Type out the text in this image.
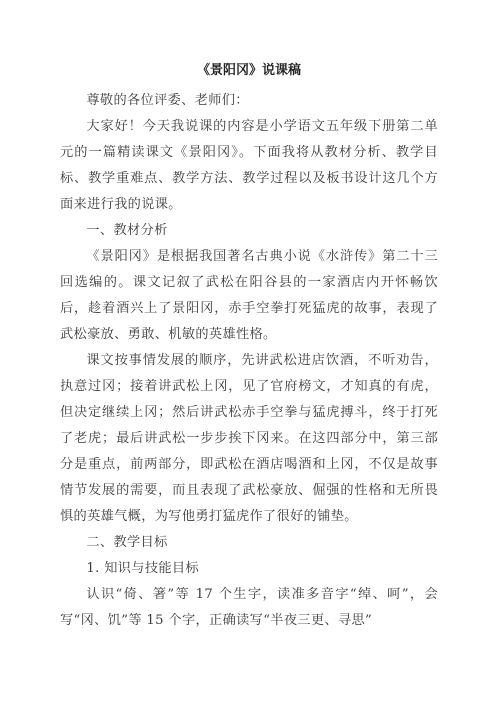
《景阳冈》说课稿

尊敬的各位评委、老师们：

大家好！今天我说课的内容是小学语文五年级下册第二单元的一篇精读课文《景阳冈》。下面我将从教材分析、教学目标、教学重难点、教学方法、教学过程以及板书设计这几个方面来进行我的说课。

一、教材分析

《景阳冈》是根据我国著名古典小说《水浒传》第二十三回选编的。课文记叙了武松在阳谷县的一家酒店内开怀畅饮后，趁着酒兴上了景阳冈，赤手空拳打死猛虎的故事，表现了武松豪放、勇敢、机敏的英雄性格。

课文按事情发展的顺序，先讲武松进店饮酒，不听劝告，执意过冈；接着讲武松上冈，见了官府榜文，才知真的有虎，但决定继续上冈；然后讲武松赤手空拳与猛虎搏斗，终于打死了老虎；最后讲武松一步步挨下冈来。在这四部分中，第三部分是重点，前两部分，即武松在酒店喝酒和上冈，不仅是故事情节发展的需要，而且表现了武松豪放、倔强的性格和无所畏惧的英雄气概，为写他勇打猛虎作了很好的铺垫。

二、教学目标

1. 知识与技能目标

认识“倚、箸”等 17 个生字，读准多音字“绰、呵”，会写“冈、饥”等 15 个字，正确读写“半夜三更、寻思”
